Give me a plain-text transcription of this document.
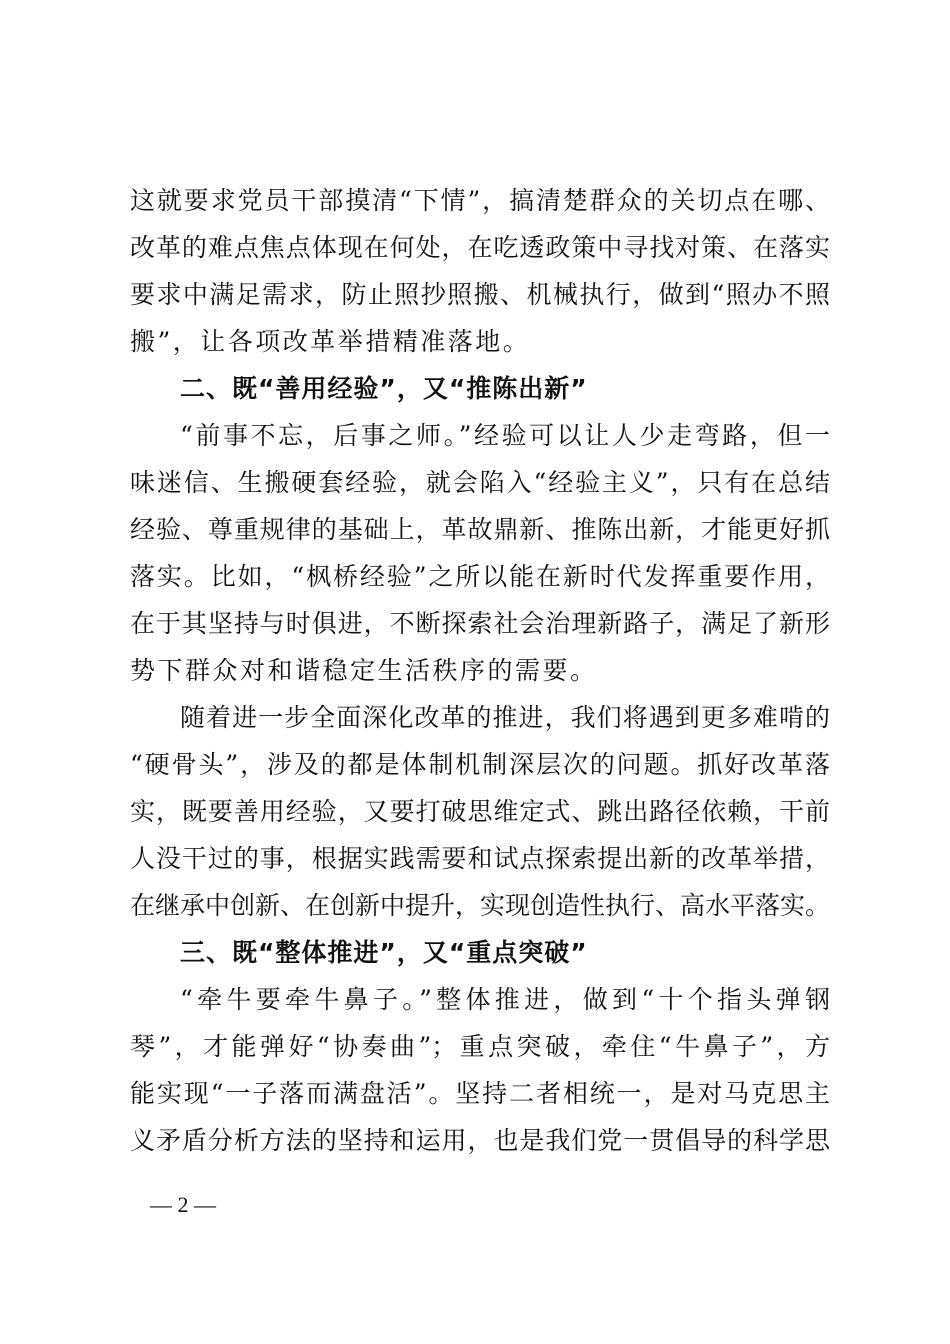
这就要求党员干部摸清“下情”，搞清楚群众的关切点在哪、
改革的难点焦点体现在何处，在吃透政策中寻找对策、在落实
要求中满足需求，防止照抄照搬、机械执行，做到“照办不照
搬”，让各项改革举措精准落地。
二、既“善用经验”，又“推陈出新”
“前事不忘，后事之师。”经验可以让人少走弯路，但一
味迷信、生搬硬套经验，就会陷入“经验主义”，只有在总结
经验、尊重规律的基础上，革故鼎新、推陈出新，才能更好抓
落实。比如，“枫桥经验”之所以能在新时代发挥重要作用，
在于其坚持与时俱进，不断探索社会治理新路子，满足了新形
势下群众对和谐稳定生活秩序的需要。
随着进一步全面深化改革的推进，我们将遇到更多难啃的
“硬骨头”，涉及的都是体制机制深层次的问题。抓好改革落
实，既要善用经验，又要打破思维定式、跳出路径依赖，干前
人没干过的事，根据实践需要和试点探索提出新的改革举措，
在继承中创新、在创新中提升，实现创造性执行、高水平落实。
三、既“整体推进”，又“重点突破”
“牵牛要牵牛鼻子。”整体推进，做到“十个指头弹钢
琴”，才能弹好“协奏曲”；重点突破，牵住“牛鼻子”，方
能实现“一子落而满盘活”。坚持二者相统一，是对马克思主
义矛盾分析方法的坚持和运用，也是我们党一贯倡导的科学思
— 2 —
